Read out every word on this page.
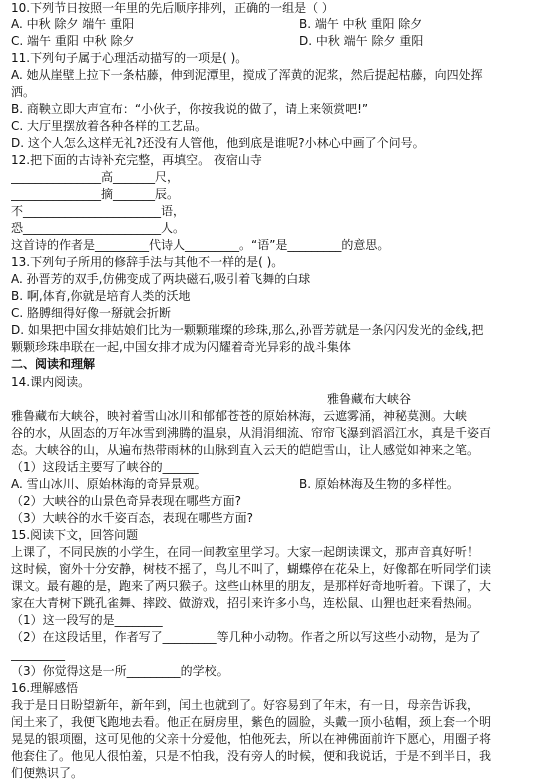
10.下列节日按照一年里的先后顺序排列，正确的一组是（ ）
A. 中秋 除夕 端午 重阳	B. 端午 中秋 重阳 除夕
C. 端午 重阳 中秋 除夕	D. 中秋 端午 除夕 重阳
11.下列句子属于心理活动描写的一项是( )。
A. 她从崖壁上拉下一条枯藤，伸到泥潭里，搅成了浑黄的泥浆，然后提起枯藤，向四处挥
洒。
B. 商鞅立即大声宣布：“小伙子，你按我说的做了，请上来领赏吧!”
C. 大厅里摆放着各种各样的工艺品。
D. 这个人怎么这样无礼?还没有人管他，他到底是谁呢?小林心中画了个问号。
12.把下面的古诗补充完整，再填空。 夜宿山寺
_______________高_______尺，
_______________摘_______辰。
不_______________________语，
恐_______________________人。
这首诗的作者是_________代诗人_________。“语”是_________的意思。
13.下列句子所用的修辞手法与其他不一样的是( )。
A. 孙晋芳的双手,仿佛变成了两块磁石,吸引着飞舞的白球
B. 啊,体育,你就是培育人类的沃地
C. 胳膊细得好像一掰就会折断
D. 如果把中国女排姑娘们比为一颗颗璀璨的珍珠,那么,孙晋芳就是一条闪闪发光的金线,把
颗颗珍珠串联在一起,中国女排才成为闪耀着奇光异彩的战斗集体
二、阅读和理解
14.课内阅读。
雅鲁藏布大峡谷
雅鲁藏布大峡谷，映衬着雪山冰川和郁郁苍苍的原始林海，云遮雾涌，神秘莫测。大峡
谷的水，从固态的万年冰雪到沸腾的温泉，从涓涓细流、帘帘飞瀑到滔滔江水，真是千姿百
态。大峡谷的山，从遍布热带雨林的山脉到直入云天的皑皑雪山，让人感觉如神来之笔。
（1）这段话主要写了峡谷的______
A. 雪山冰川、原始林海的奇异景观。	B. 原始林海及生物的多样性。
（2）大峡谷的山景色奇异表现在哪些方面?
（3）大峡谷的水千姿百态，表现在哪些方面?
15.阅读下文，回答问题
上课了，不同民族的小学生，在同一间教室里学习。大家一起朗读课文，那声音真好听！
这时候，窗外十分安静，树枝不摇了，鸟儿不叫了，蝴蝶停在花朵上，好像都在听同学们读
课文。最有趣的是，跑来了两只猴子。这些山林里的朋友，是那样好奇地听着。下课了，大
家在大青树下跳孔雀舞、摔跤、做游戏，招引来许多小鸟，连松鼠、山狸也赶来看热闹。
（1）这一段写的是________
（2）在这段话里，作者写了_________等几种小动物。作者之所以写这些小动物，是为了
_________
（3）你觉得这是一所_________的学校。
16.理解感悟
我于是日日盼望新年，新年到，闰土也就到了。好容易到了年末，有一日，母亲告诉我，
闰土来了，我便飞跑地去看。他正在厨房里，紫色的圆脸，头戴一顶小毡帽，颈上套一个明
晃晃的银项圈，这可见他的父亲十分爱他，怕他死去，所以在神佛面前许下愿心，用圈子将
他套住了。他见人很怕羞，只是不怕我，没有旁人的时候，便和我说话，于是不到半日，我
们便熟识了。
